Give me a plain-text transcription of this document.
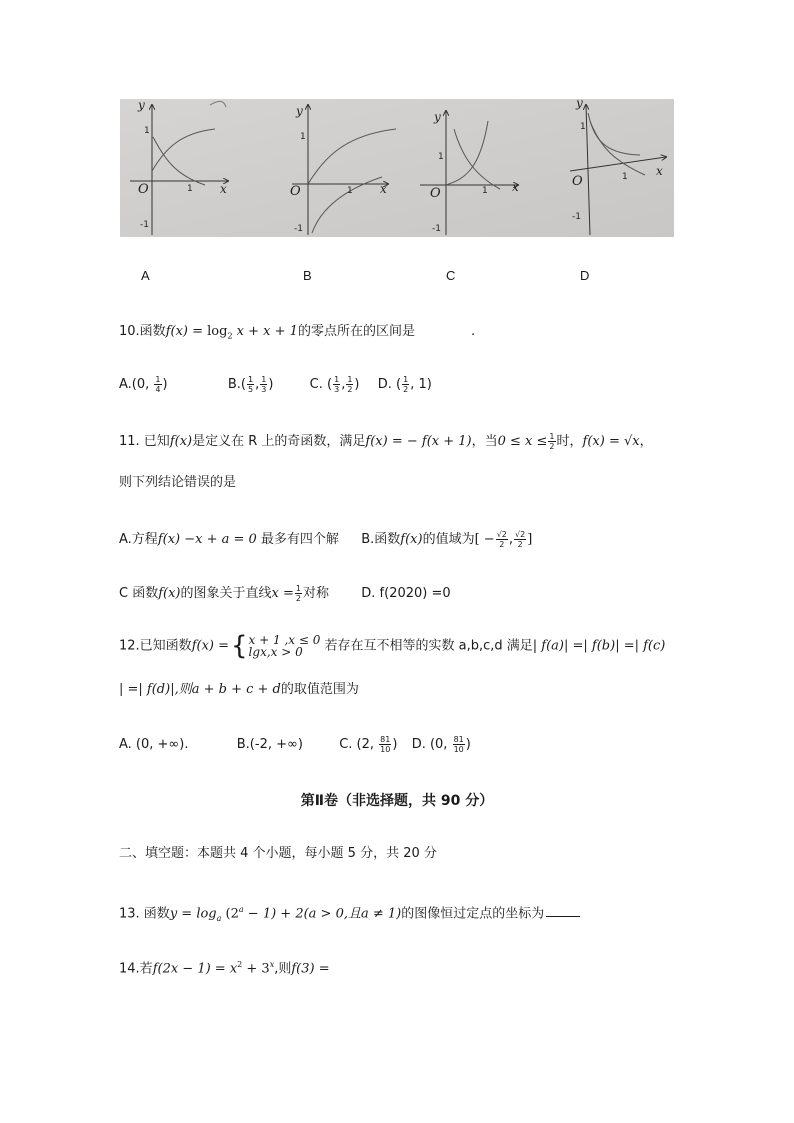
y
x
O
1
1
-1
y
x
O
1
1
-1
y
x
O
1
1
-1
y
x
O
1
1
-1
A	B	C	D
10.函数$f(x) = \log_2 x + x + 1$的零点所在的区间是	.
A.(0, $\frac{1}{4}$ )	$B.( \frac{1}{5}$ , $\frac{1}{3}$ )	C. ( $\frac{1}{3}$ , $\frac{1}{2}$ ) D. ( $\frac{1}{2}$ , 1)
11. 已知f(x)是定义在 R 上的奇函数，满足f(x) = − f(x + 1)，当$0 \le x \le \frac{1}{2}$ 时，f(x) = √x，
则下列结论错误的是
A.方程f(x) −x + a = 0 最多有四个解 B.函数f(x)的值域为[ − $\frac{√2}{2}$ , $\frac{√2}{2}$ ]
C 函数f(x)的图象关于直线$x = \frac{1}{2}$ 对称 D. f(2020) =0
12.已知函数f(x) ={ x + 1 ,x ≤ 0
lgx,x > 0	若存在互不相等的实数 a,b,c,d 满足| f(a)| =| f(b)| =| f(c)
| =| f(d)|,则a + b + c + d的取值范围为
A. (0, +∞).	B.(-2, +∞)	C. (2, $\frac{81}{10}$ ) D. (0, $\frac{81}{10}$ )
第Ⅱ卷（非选择题，共 90 分）
二、填空题：本题共 4 个小题，每小题 5 分，共 20 分
13. 函数$y = \log_a (2^a - 1) + 2(a > 0$,且a ≠ 1)的图像恒过定点的坐标为
14.若$f(2x - 1) = x^2 + 3^x$,则f(3) =
